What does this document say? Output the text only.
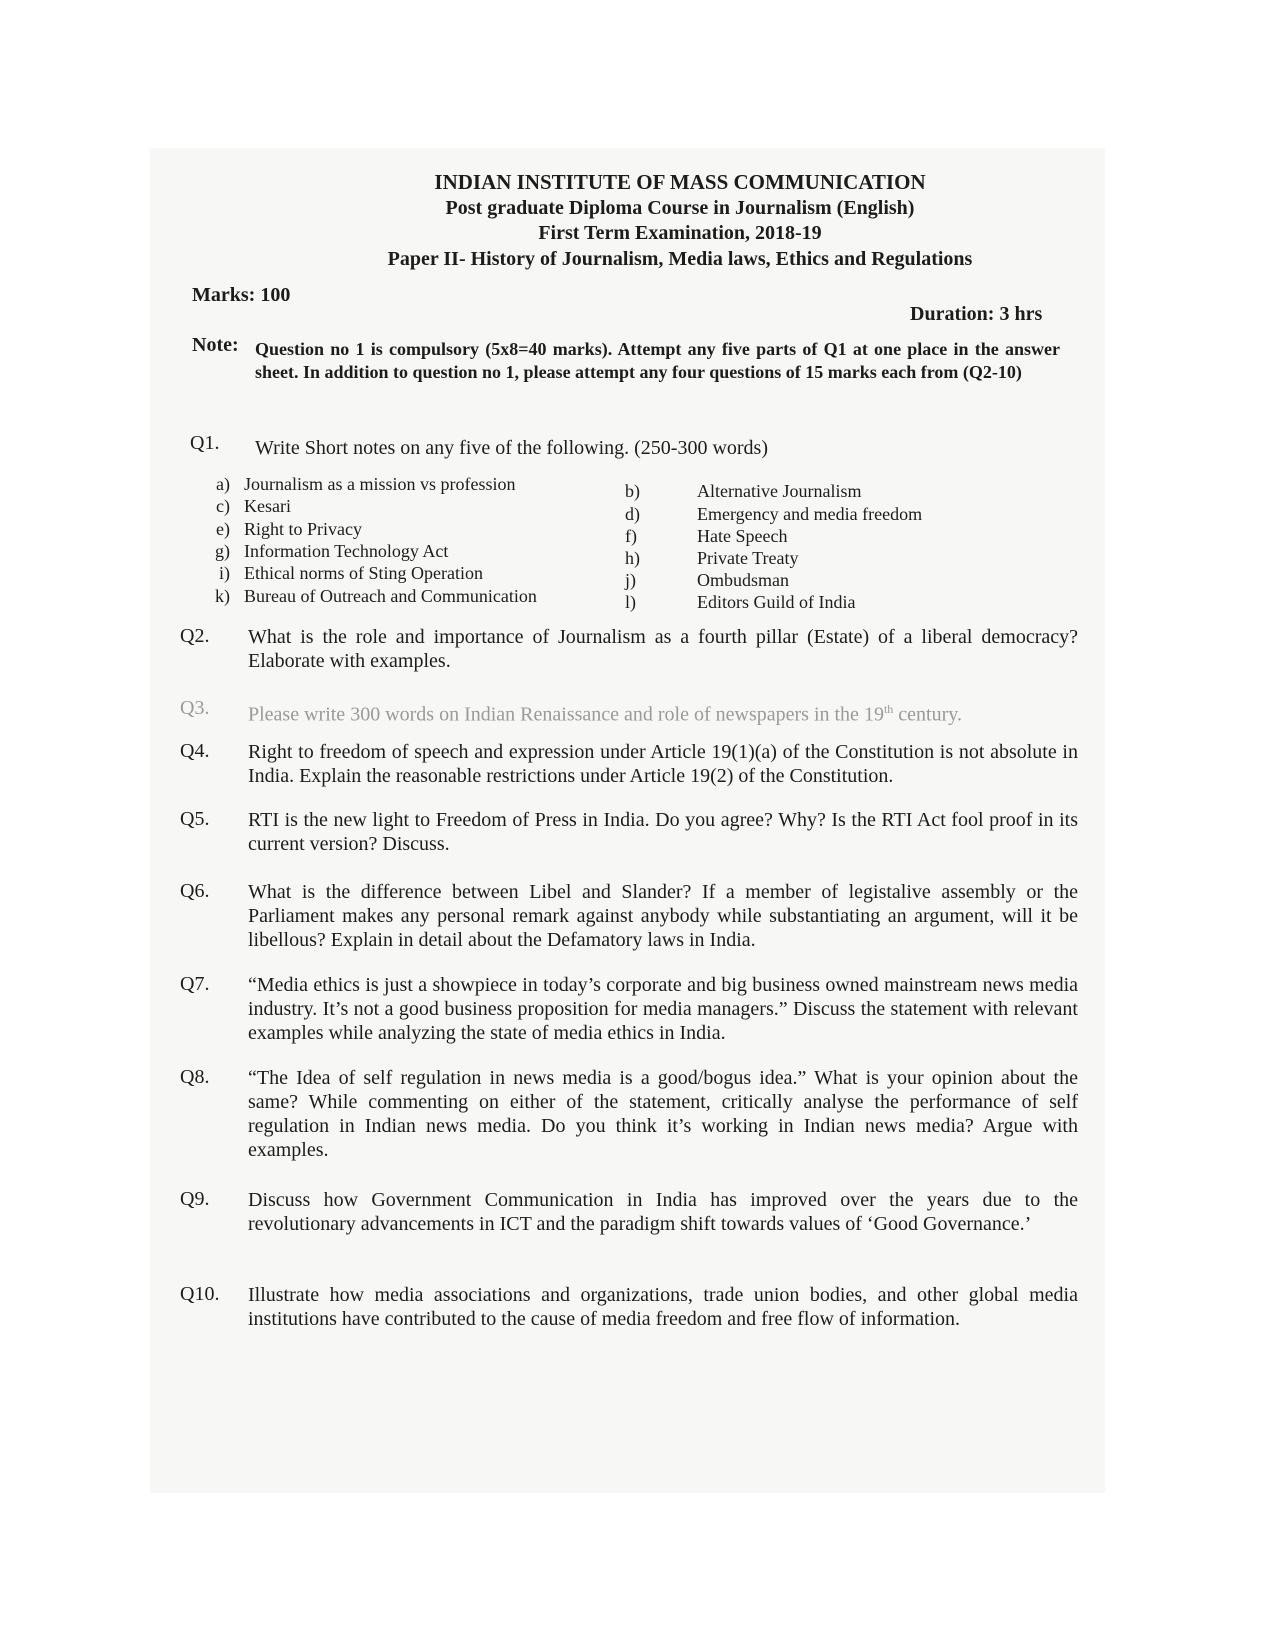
INDIAN INSTITUTE OF MASS COMMUNICATION
Post graduate Diploma Course in Journalism (English)
First Term Examination, 2018-19
Paper II- History of Journalism, Media laws, Ethics and Regulations
Marks: 100
Duration: 3 hrs
Note: Question no 1 is compulsory (5x8=40 marks). Attempt any five parts of Q1 at one place in the answer sheet. In addition to question no 1, please attempt any four questions of 15 marks each from (Q2-10)
Q1. Write Short notes on any five of the following. (250-300 words)
a) Journalism as a mission vs profession
c) Kesari
e) Right to Privacy
g) Information Technology Act
i) Ethical norms of Sting Operation
k) Bureau of Outreach and Communication
b)	Alternative Journalism
d)	Emergency and media freedom
f)	Hate Speech
h)	Private Treaty
j)	Ombudsman
l)	Editors Guild of India
Q2. What is the role and importance of Journalism as a fourth pillar (Estate) of a liberal democracy? Elaborate with examples.
Q3. Please write 300 words on Indian Renaissance and role of newspapers in the 19th century.
Q4. Right to freedom of speech and expression under Article 19(1)(a) of the Constitution is not absolute in India. Explain the reasonable restrictions under Article 19(2) of the Constitution.
Q5. RTI is the new light to Freedom of Press in India. Do you agree? Why? Is the RTI Act fool proof in its current version? Discuss.
Q6. What is the difference between Libel and Slander? If a member of legistalive assembly or the Parliament makes any personal remark against anybody while substantiating an argument, will it be libellous? Explain in detail about the Defamatory laws in India.
Q7. “Media ethics is just a showpiece in today’s corporate and big business owned mainstream news media industry. It’s not a good business proposition for media managers.” Discuss the statement with relevant examples while analyzing the state of media ethics in India.
Q8. “The Idea of self regulation in news media is a good/bogus idea.” What is your opinion about the same? While commenting on either of the statement, critically analyse the performance of self regulation in Indian news media. Do you think it’s working in Indian news media? Argue with examples.
Q9. Discuss how Government Communication in India has improved over the years due to the revolutionary advancements in ICT and the paradigm shift towards values of ‘Good Governance.’
Q10. Illustrate how media associations and organizations, trade union bodies, and other global media institutions have contributed to the cause of media freedom and free flow of information.
